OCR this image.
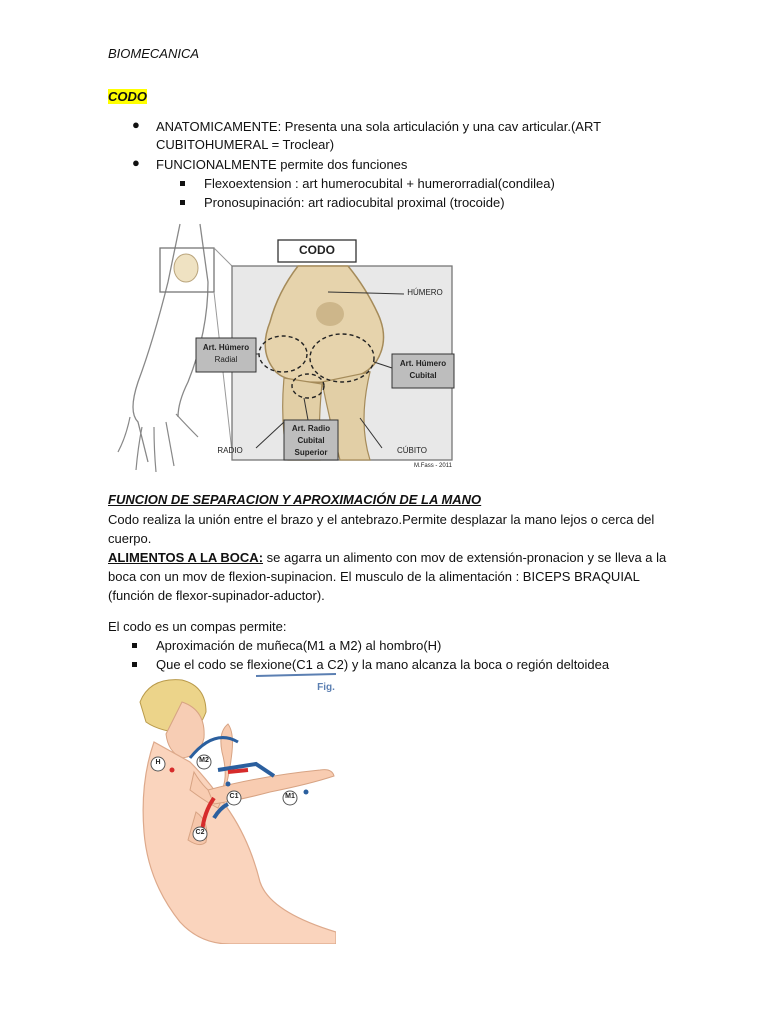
BIOMECANICA
CODO
● ANATOMICAMENTE: Presenta una sola articulación y una cav articular.(ART
CUBITOHUMERAL = Troclear)
● FUNCIONALMENTE permite dos funciones
Flexoextension : art humerocubital + humerorradial(condilea)
Pronosupinación: art radiocubital proximal (trocoide)
CODO
HÚMERO
Art. Húmero
Radial	Art. Húmero
Cubital
Art. Radio
Cubital
Superior
RADIO	CÚBITO
M.Fass - 2011
FUNCION DE SEPARACION Y APROXIMACIÓN DE LA MANO
Codo realiza la unión entre el brazo y el antebrazo.Permite desplazar la mano lejos o cerca del
cuerpo.
ALIMENTOS A LA BOCA: se agarra un alimento con mov de extensión-pronacion y se lleva a la
boca con un mov de flexion-supinacion. El musculo de la alimentación : BICEPS BRAQUIAL
(función de flexor-supinador-aductor).
El codo es un compas permite:
Aproximación de muñeca(M1 a M2) al hombro(H)
Que el codo se flexione(C1 a C2) y la mano alcanza la boca o región deltoidea
Fig.
H	M2
C1	M1
C2
